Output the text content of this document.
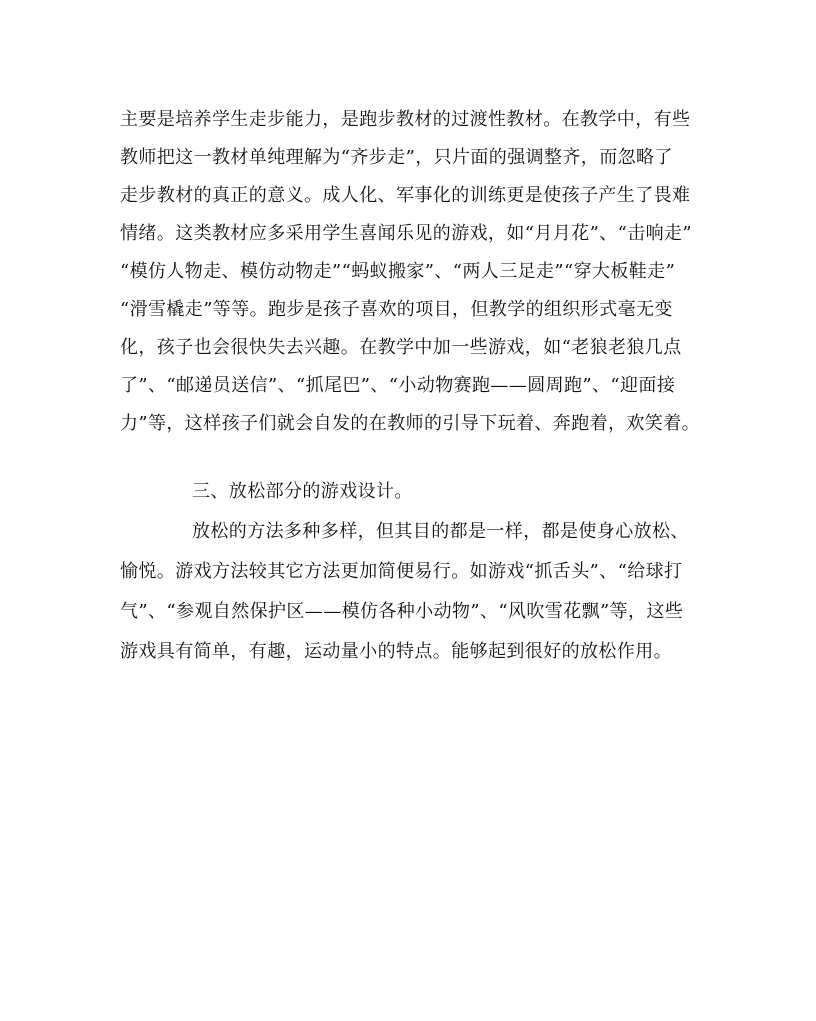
主要是培养学生走步能力，是跑步教材的过渡性教材。在教学中，有些
教师把这一教材单纯理解为“齐步走”，只片面的强调整齐，而忽略了
走步教材的真正的意义。成人化、军事化的训练更是使孩子产生了畏难
情绪。这类教材应多采用学生喜闻乐见的游戏，如“月月花”、“击响走”
“模仿人物走、模仿动物走”“蚂蚁搬家”、“两人三足走”“穿大板鞋走”
“滑雪橇走”等等。跑步是孩子喜欢的项目，但教学的组织形式毫无变
化，孩子也会很快失去兴趣。在教学中加一些游戏，如“老狼老狼几点
了”、“邮递员送信”、“抓尾巴”、“小动物赛跑——圆周跑”、“迎面接
力”等，这样孩子们就会自发的在教师的引导下玩着、奔跑着，欢笑着。
三、放松部分的游戏设计。
放松的方法多种多样，但其目的都是一样，都是使身心放松、
愉悦。游戏方法较其它方法更加简便易行。如游戏“抓舌头”、“给球打
气”、“参观自然保护区——模仿各种小动物”、“风吹雪花飘”等，这些
游戏具有简单，有趣，运动量小的特点。能够起到很好的放松作用。
